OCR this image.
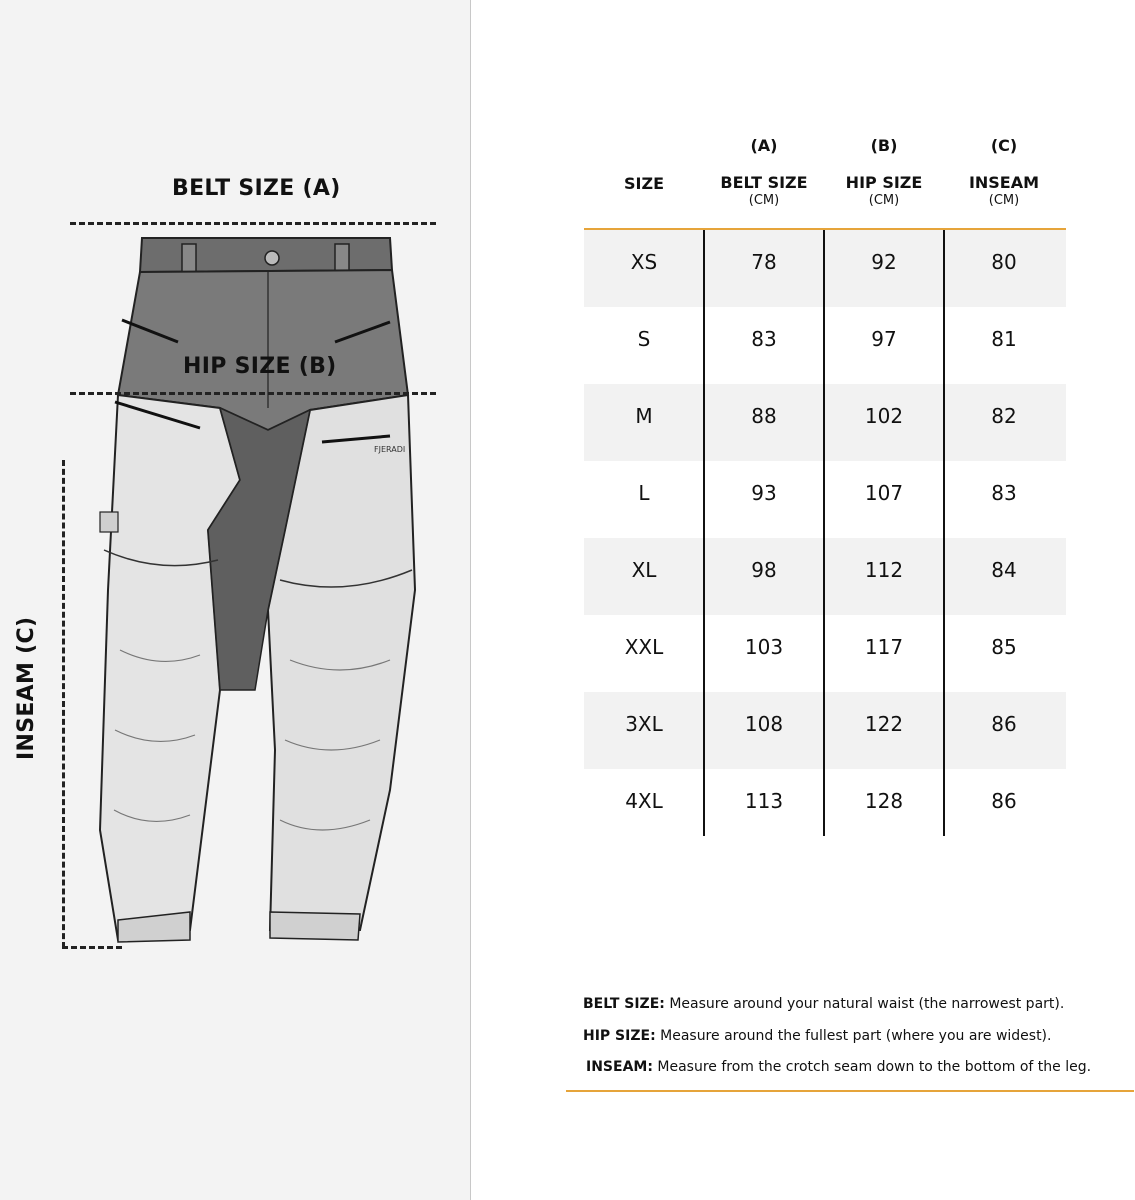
FJERADI
BELT SIZE (A)
HIP SIZE (B)
INSEAM (C)
SIZE
(A)
BELT SIZE
(CM)
(B)
HIP SIZE
(CM)
(C)
INSEAM
(CM)
XS	78	92	80
S	83	97	81
M	88	102	82
L	93	107	83
XL	98	112	84
XXL	103	117	85
3XL	108	122	86
4XL	113	128	86
BELT SIZE: Measure around your natural waist (the narrowest part).
HIP SIZE: Measure around the fullest part (where you are widest).
INSEAM: Measure from the crotch seam down to the bottom of the leg.
